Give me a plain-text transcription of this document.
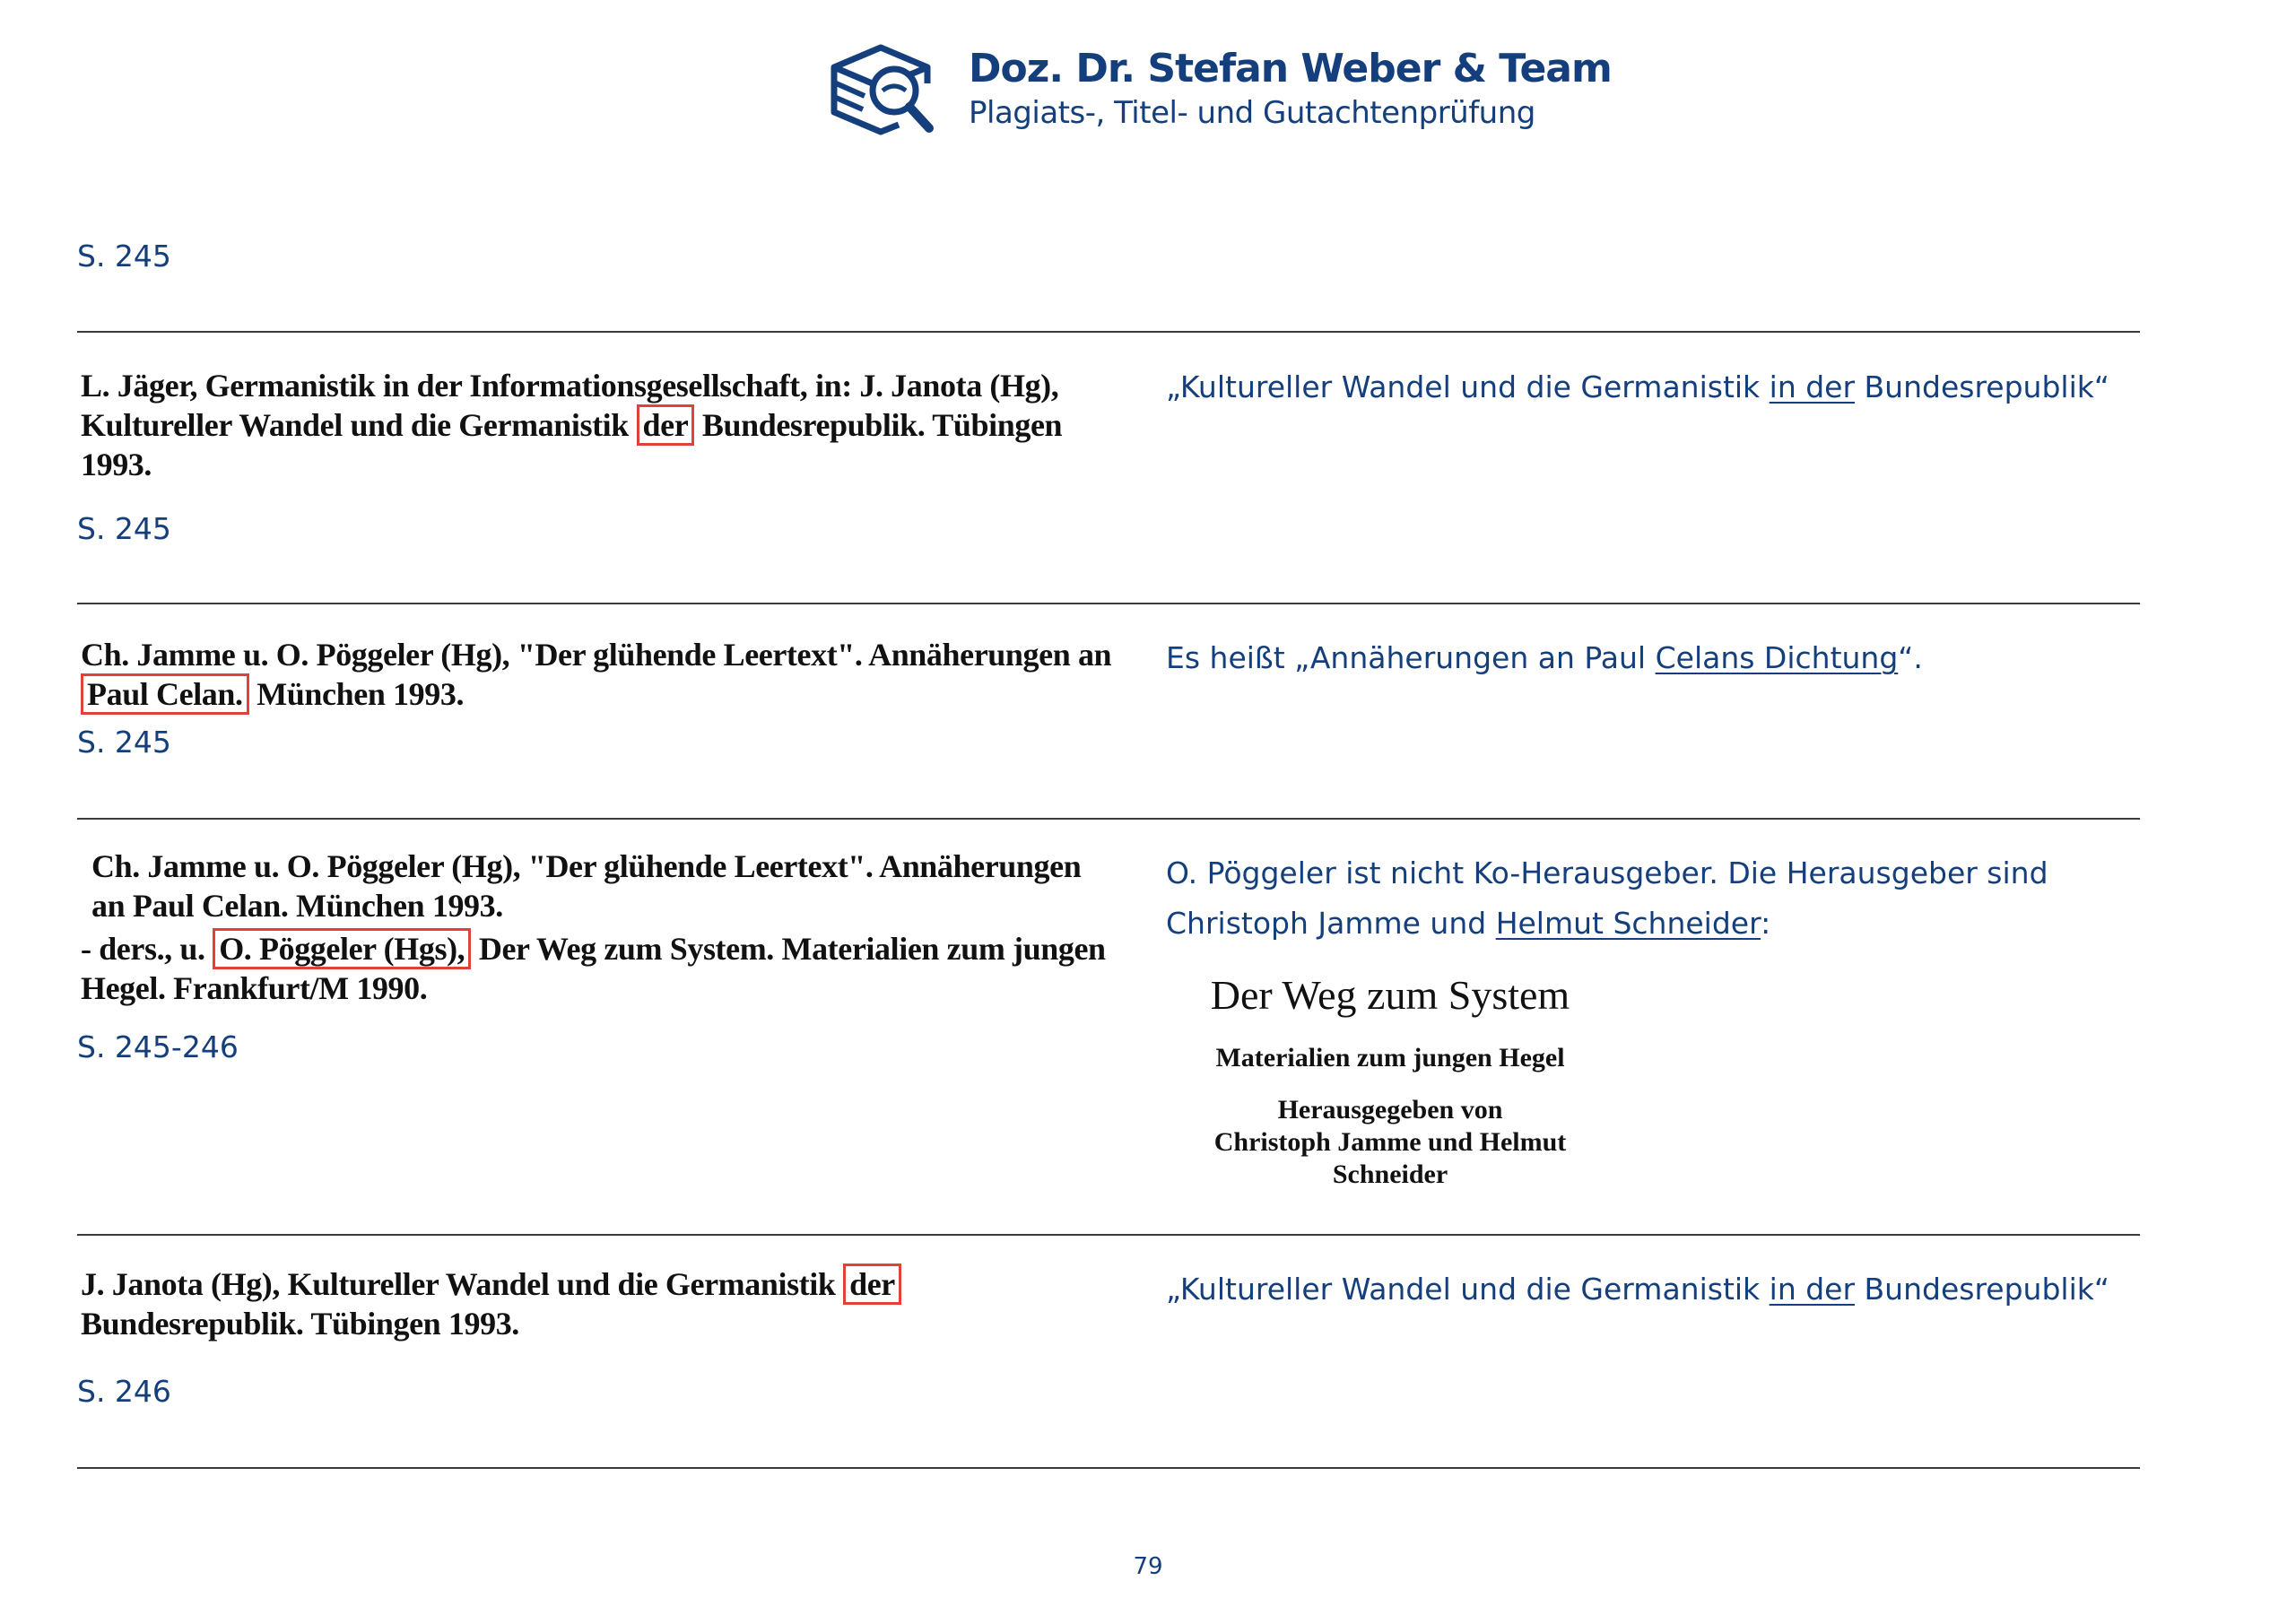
Doz. Dr. Stefan Weber & Team
Plagiats-, Titel- und Gutachtenprüfung
S. 245
L. Jäger, Germanistik in der Informationsgesellschaft, in: J. Janota (Hg), Kultureller Wandel und die Germanistik der Bundesrepublik. Tübingen 1993.
„Kultureller Wandel und die Germanistik in der Bundesrepublik“
S. 245
Ch. Jamme u. O. Pöggeler (Hg), "Der glühende Leertext". Annäherungen an Paul Celan. München 1993.
Es heißt „Annäherungen an Paul Celans Dichtung“.
S. 245
Ch. Jamme u. O. Pöggeler (Hg), "Der glühende Leertext". Annäherungen an Paul Celan. München 1993.
- ders., u. O. Pöggeler (Hgs), Der Weg zum System. Materialien zum jungen Hegel. Frankfurt/M 1990.
O. Pöggeler ist nicht Ko-Herausgeber. Die Herausgeber sind Christoph Jamme und Helmut Schneider:
Der Weg zum System
Materialien zum jungen Hegel
Herausgegeben von
Christoph Jamme und Helmut Schneider
S. 245-246
J. Janota (Hg), Kultureller Wandel und die Germanistik der Bundesrepublik. Tübingen 1993.
„Kultureller Wandel und die Germanistik in der Bundesrepublik“
S. 246
79
